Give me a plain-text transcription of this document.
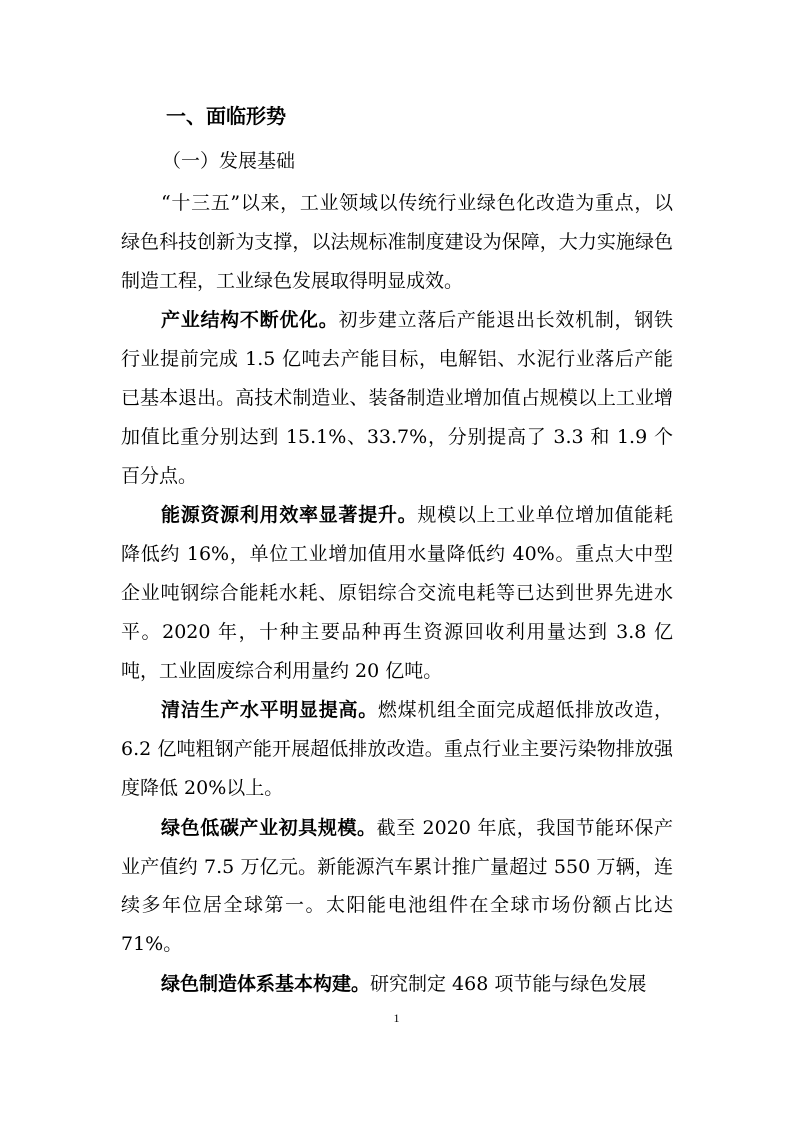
一、面临形势
（一）发展基础

“十三五”以来，工业领域以传统行业绿色化改造为重点，以绿色科技创新为支撑，以法规标准制度建设为保障，大力实施绿色制造工程，工业绿色发展取得明显成效。

产业结构不断优化。初步建立落后产能退出长效机制，钢铁行业提前完成 1.5 亿吨去产能目标，电解铝、水泥行业落后产能已基本退出。高技术制造业、装备制造业增加值占规模以上工业增加值比重分别达到 15.1%、33.7%，分别提高了 3.3 和 1.9 个百分点。

能源资源利用效率显著提升。规模以上工业单位增加值能耗降低约 16%，单位工业增加值用水量降低约 40%。重点大中型企业吨钢综合能耗水耗、原铝综合交流电耗等已达到世界先进水平。2020 年，十种主要品种再生资源回收利用量达到 3.8 亿吨，工业固废综合利用量约 20 亿吨。

清洁生产水平明显提高。燃煤机组全面完成超低排放改造，6.2 亿吨粗钢产能开展超低排放改造。重点行业主要污染物排放强度降低 20%以上。

绿色低碳产业初具规模。截至 2020 年底，我国节能环保产业产值约 7.5 万亿元。新能源汽车累计推广量超过 550 万辆，连续多年位居全球第一。太阳能电池组件在全球市场份额占比达 71%。

绿色制造体系基本构建。研究制定 468 项节能与绿色发展

1
